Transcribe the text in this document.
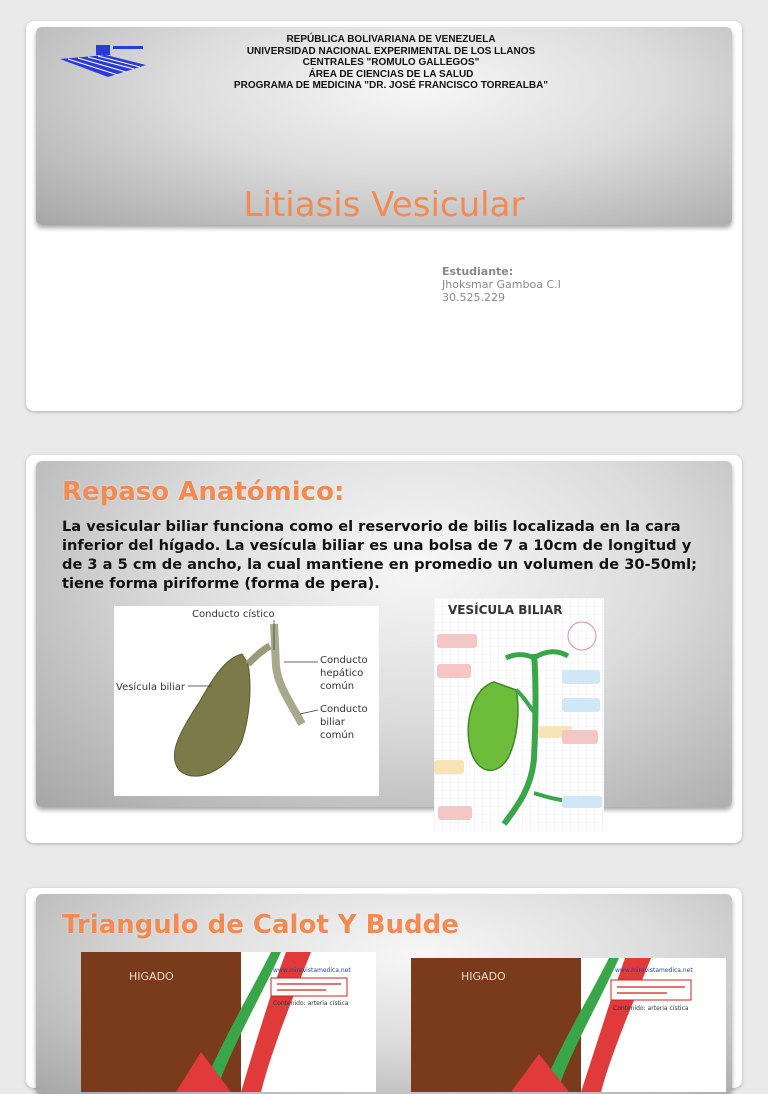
REPÚBLICA BOLIVARIANA DE VENEZUELA
UNIVERSIDAD NACIONAL EXPERIMENTAL DE LOS LLANOS
CENTRALES "ROMULO GALLEGOS"
ÁREA DE CIENCIAS DE LA SALUD
PROGRAMA DE MEDICINA "DR. JOSÉ FRANCISCO TORREALBA"
Litiasis Vesicular
Estudiante:
Jhoksmar Gamboa C.I
30.525.229
Repaso Anatómico:
La vesicular biliar funciona como el reservorio de bilis localizada en la cara inferior del hígado. La vesícula biliar es una bolsa de 7 a 10cm de longitud y de 3 a 5 cm de ancho, la cual mantiene en promedio un volumen de 30-50ml; tiene forma piriforme (forma de pera).
Conducto cístico
Conducto
hepático
común
Conducto
biliar
común
Vesícula biliar
VESÍCULA BILIAR
Triangulo de Calot Y Budde
HIGADO	www.mirevistamedica.net
Contenido: arteria cística
HIGADO	www.mirevistamedica.net
Contenido: arteria cística
